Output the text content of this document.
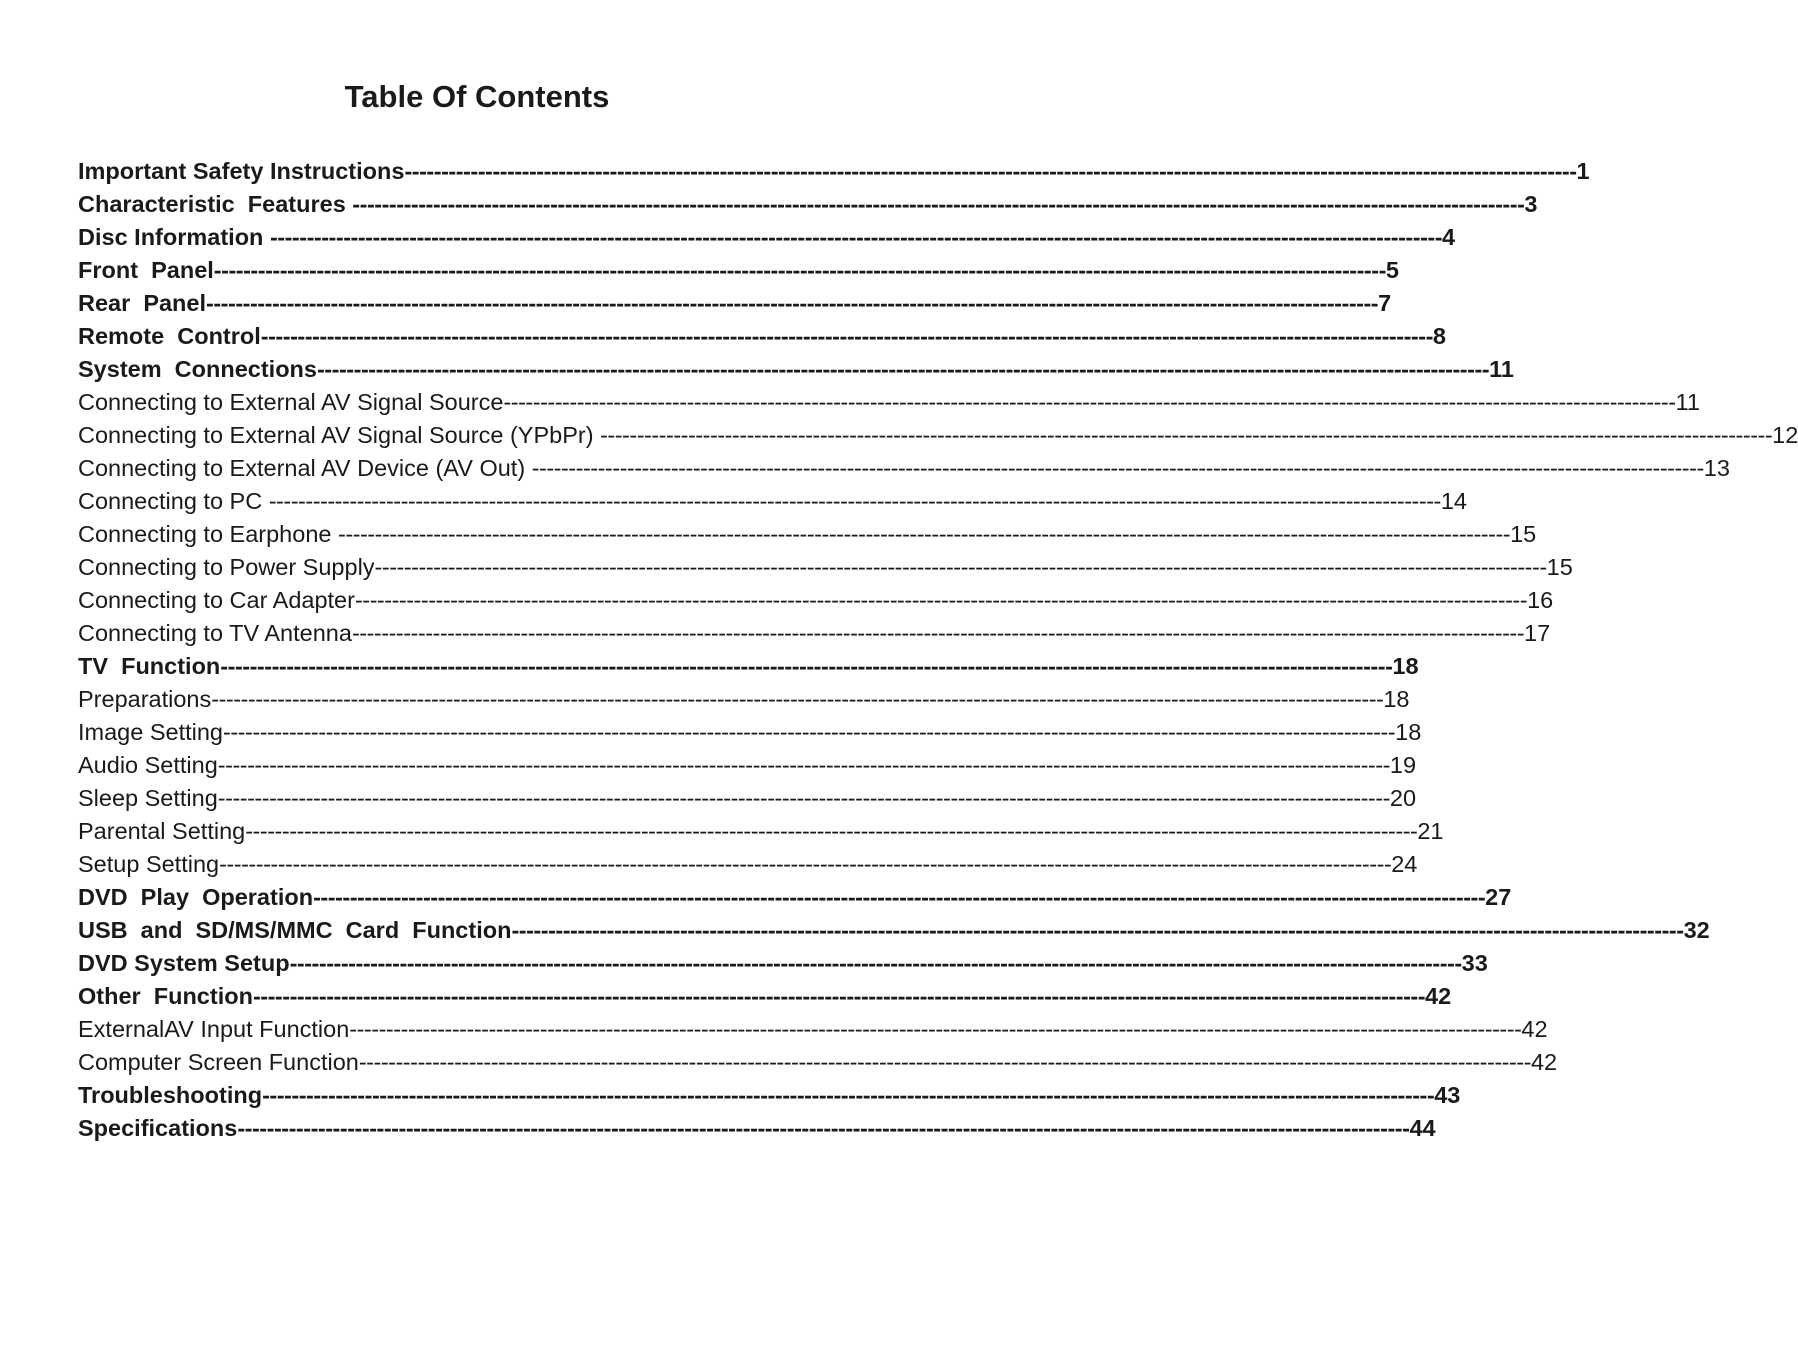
Table Of Contents
Important Safety Instructions ---------------------------------------------------------------------------------------------------------------------------------------------------------------- 1
Characteristic  Features ---------------------------------------------------------------------------------------------------------------------------------------------------------------- 3
Disc Information ---------------------------------------------------------------------------------------------------------------------------------------------------------------- 4
Front  Panel ---------------------------------------------------------------------------------------------------------------------------------------------------------------- 5
Rear  Panel ---------------------------------------------------------------------------------------------------------------------------------------------------------------- 7
Remote  Control ---------------------------------------------------------------------------------------------------------------------------------------------------------------- 8
System  Connections ---------------------------------------------------------------------------------------------------------------------------------------------------------------- 11
Connecting to External AV Signal Source ---------------------------------------------------------------------------------------------------------------------------------------------------------------- 11
Connecting to External AV Signal Source (YPbPr) ---------------------------------------------------------------------------------------------------------------------------------------------------------------- 12
Connecting to External AV Device (AV Out) ---------------------------------------------------------------------------------------------------------------------------------------------------------------- 13
Connecting to PC ---------------------------------------------------------------------------------------------------------------------------------------------------------------- 14
Connecting to Earphone ---------------------------------------------------------------------------------------------------------------------------------------------------------------- 15
Connecting to Power Supply ---------------------------------------------------------------------------------------------------------------------------------------------------------------- 15
Connecting to Car Adapter ---------------------------------------------------------------------------------------------------------------------------------------------------------------- 16
Connecting to TV Antenna ---------------------------------------------------------------------------------------------------------------------------------------------------------------- 17
TV  Function ---------------------------------------------------------------------------------------------------------------------------------------------------------------- 18
Preparations ---------------------------------------------------------------------------------------------------------------------------------------------------------------- 18
Image Setting ---------------------------------------------------------------------------------------------------------------------------------------------------------------- 18
Audio Setting ---------------------------------------------------------------------------------------------------------------------------------------------------------------- 19
Sleep Setting ---------------------------------------------------------------------------------------------------------------------------------------------------------------- 20
Parental Setting ---------------------------------------------------------------------------------------------------------------------------------------------------------------- 21
Setup Setting ---------------------------------------------------------------------------------------------------------------------------------------------------------------- 24
DVD  Play  Operation ---------------------------------------------------------------------------------------------------------------------------------------------------------------- 27
USB  and  SD/MS/MMC  Card  Function ---------------------------------------------------------------------------------------------------------------------------------------------------------------- 32
DVD System Setup ---------------------------------------------------------------------------------------------------------------------------------------------------------------- 33
Other  Function ---------------------------------------------------------------------------------------------------------------------------------------------------------------- 42
ExternalAV Input Function ---------------------------------------------------------------------------------------------------------------------------------------------------------------- 42
Computer Screen Function ---------------------------------------------------------------------------------------------------------------------------------------------------------------- 42
Troubleshooting ---------------------------------------------------------------------------------------------------------------------------------------------------------------- 43
Specifications ---------------------------------------------------------------------------------------------------------------------------------------------------------------- 44
